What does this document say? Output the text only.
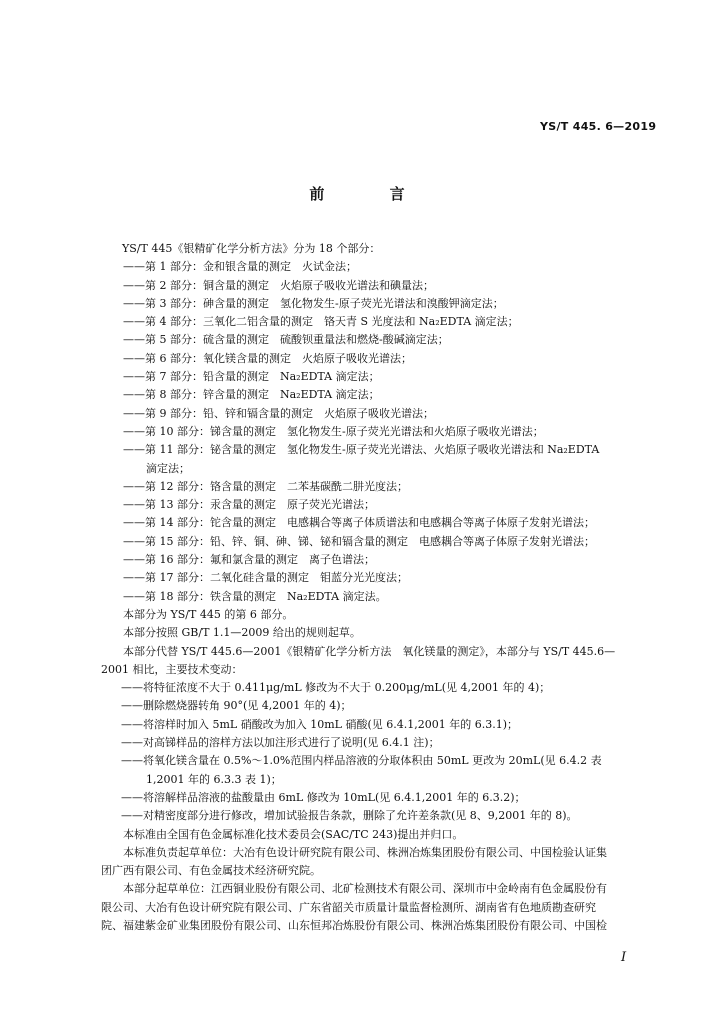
YS/T 445. 6—2019
前 言

YS/T 445《银精矿化学分析方法》分为 18 个部分：

——第 1 部分：金和银含量的测定　火试金法；

——第 2 部分：铜含量的测定　火焰原子吸收光谱法和碘量法；

——第 3 部分：砷含量的测定　氢化物发生-原子荧光光谱法和溴酸钾滴定法；

——第 4 部分：三氧化二铝含量的测定　铬天青 S 光度法和 Na₂EDTA 滴定法；

——第 5 部分：硫含量的测定　硫酸钡重量法和燃烧-酸碱滴定法；

——第 6 部分：氧化镁含量的测定　火焰原子吸收光谱法；

——第 7 部分：铅含量的测定　Na₂EDTA 滴定法；

——第 8 部分：锌含量的测定　Na₂EDTA 滴定法；

——第 9 部分：铅、锌和镉含量的测定　火焰原子吸收光谱法；

——第 10 部分：锑含量的测定　氢化物发生-原子荧光光谱法和火焰原子吸收光谱法；

——第 11 部分：铋含量的测定　氢化物发生-原子荧光光谱法、火焰原子吸收光谱法和 Na₂EDTA

滴定法；

——第 12 部分：铬含量的测定　二苯基碳酰二肼光度法；

——第 13 部分：汞含量的测定　原子荧光光谱法；

——第 14 部分：铊含量的测定　电感耦合等离子体质谱法和电感耦合等离子体原子发射光谱法；

——第 15 部分：铅、锌、铜、砷、锑、铋和镉含量的测定　电感耦合等离子体原子发射光谱法；

——第 16 部分：氟和氯含量的测定　离子色谱法；

——第 17 部分：二氧化硅含量的测定　钼蓝分光光度法；

——第 18 部分：铁含量的测定　Na₂EDTA 滴定法。

本部分为 YS/T 445 的第 6 部分。

本部分按照 GB/T 1.1—2009 给出的规则起草。

本部分代替 YS/T 445.6—2001《银精矿化学分析方法　氧化镁量的测定》，本部分与 YS/T 445.6—

2001 相比，主要技术变动：

——将特征浓度不大于 0.411μg/mL 修改为不大于 0.200μg/mL(见 4,2001 年的 4)；

——删除燃烧器转角 90°(见 4,2001 年的 4)；

——将溶样时加入 5mL 硝酸改为加入 10mL 硝酸(见 6.4.1,2001 年的 6.3.1)；

——对高锑样品的溶样方法以加注形式进行了说明(见 6.4.1 注)；

——将氧化镁含量在 0.5%～1.0%范围内样品溶液的分取体积由 50mL 更改为 20mL(见 6.4.2 表

1,2001 年的 6.3.3 表 1)；

——将溶解样品溶液的盐酸量由 6mL 修改为 10mL(见 6.4.1,2001 年的 6.3.2)；

——对精密度部分进行修改，增加试验报告条款，删除了允许差条款(见 8、9,2001 年的 8)。

本标准由全国有色金属标准化技术委员会(SAC/TC 243)提出并归口。

本标准负责起草单位：大冶有色设计研究院有限公司、株洲冶炼集团股份有限公司、中国检验认证集

团广西有限公司、有色金属技术经济研究院。

本部分起草单位：江西铜业股份有限公司、北矿检测技术有限公司、深圳市中金岭南有色金属股份有

限公司、大冶有色设计研究院有限公司、广东省韶关市质量计量监督检测所、湖南省有色地质勘查研究

院、福建紫金矿业集团股份有限公司、山东恒邦冶炼股份有限公司、株洲冶炼集团股份有限公司、中国检

I
